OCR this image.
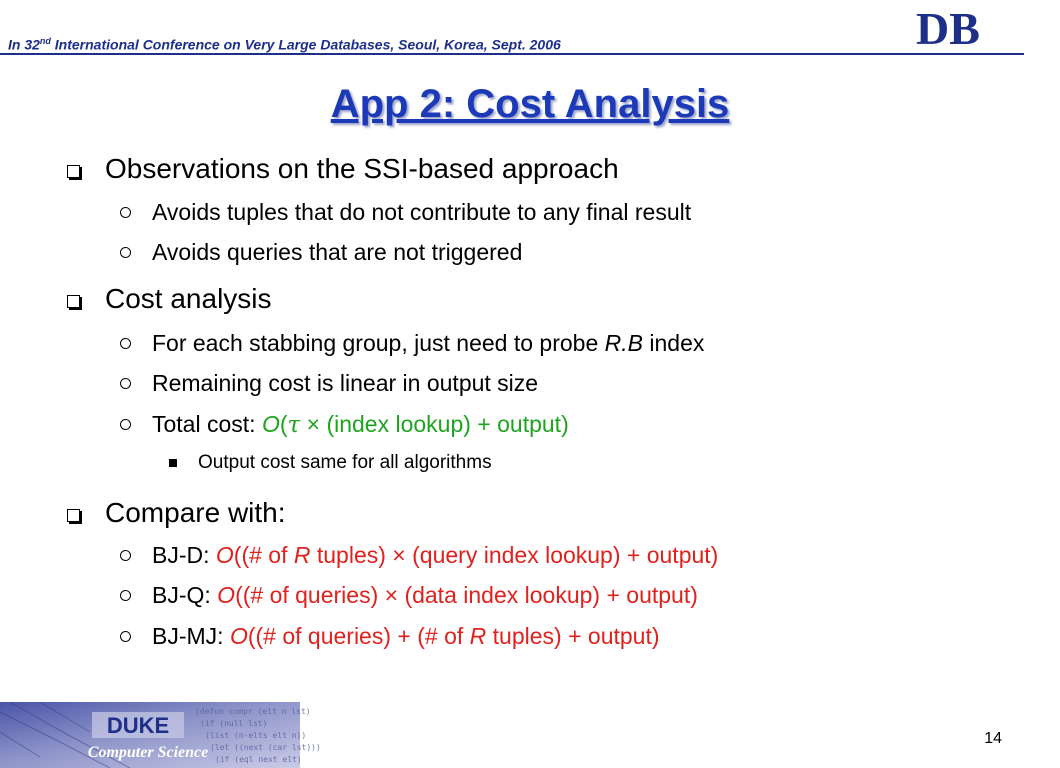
In 32nd International Conference on Very Large Databases, Seoul, Korea, Sept. 2006	DB
App 2: Cost Analysis
Observations on the SSI-based approach
Avoids tuples that do not contribute to any final result
Avoids queries that are not triggered
Cost analysis
For each stabbing group, just need to probe R.B index
Remaining cost is linear in output size
Total cost: O(τ × (index lookup) + output)
Output cost same for all algorithms
Compare with:
BJ-D: O((# of R tuples) × (query index lookup) + output)
BJ-Q: O((# of queries) × (data index lookup) + output)
BJ-MJ: O((# of queries) + (# of R tuples) + output)
(defun compr (elt n lst)
(if (null lst)
(list (n-elts elt n))
(let ((next (car lst)))
(if (eql next elt)
DUKE
Computer Science
14
